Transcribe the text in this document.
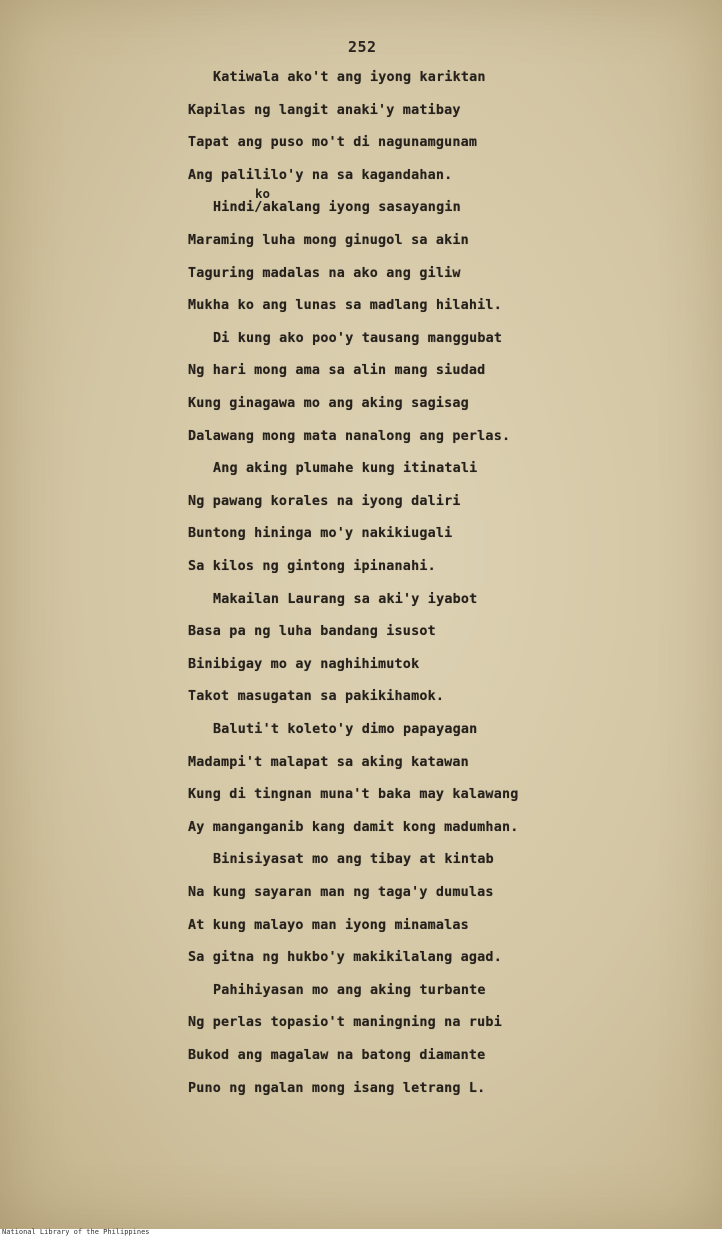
252
ko
Katiwala ako't ang iyong kariktan
Kapilas ng langit anaki'y matibay
Tapat ang puso mo't di nagunamgunam
Ang palililo'y na sa kagandahan.
Hindi/akalang iyong sasayangin
Maraming luha mong ginugol sa akin
Taguring madalas na ako ang giliw
Mukha ko ang lunas sa madlang hilahil.
Di kung ako poo'y tausang manggubat
Ng hari mong ama sa alin mang siudad
Kung ginagawa mo ang aking sagisag
Dalawang mong mata nanalong ang perlas.
Ang aking plumahe kung itinatali
Ng pawang korales na iyong daliri
Buntong hininga mo'y nakikiugali
Sa kilos ng gintong ipinanahi.
Makailan Laurang sa aki'y iyabot
Basa pa ng luha bandang isusot
Binibigay mo ay naghihimutok
Takot masugatan sa pakikihamok.
Baluti't koleto'y dimo papayagan
Madampi't malapat sa aking katawan
Kung di tingnan muna't baka may kalawang
Ay manganganib kang damit kong madumhan.
Binisiyasat mo ang tibay at kintab
Na kung sayaran man ng taga'y dumulas
At kung malayo man iyong minamalas
Sa gitna ng hukbo'y makikilalang agad.
Pahihiyasan mo ang aking turbante
Ng perlas topasio't maningning na rubi
Bukod ang magalaw na batong diamante
Puno ng ngalan mong isang letrang L.
National Library of the Philippines
